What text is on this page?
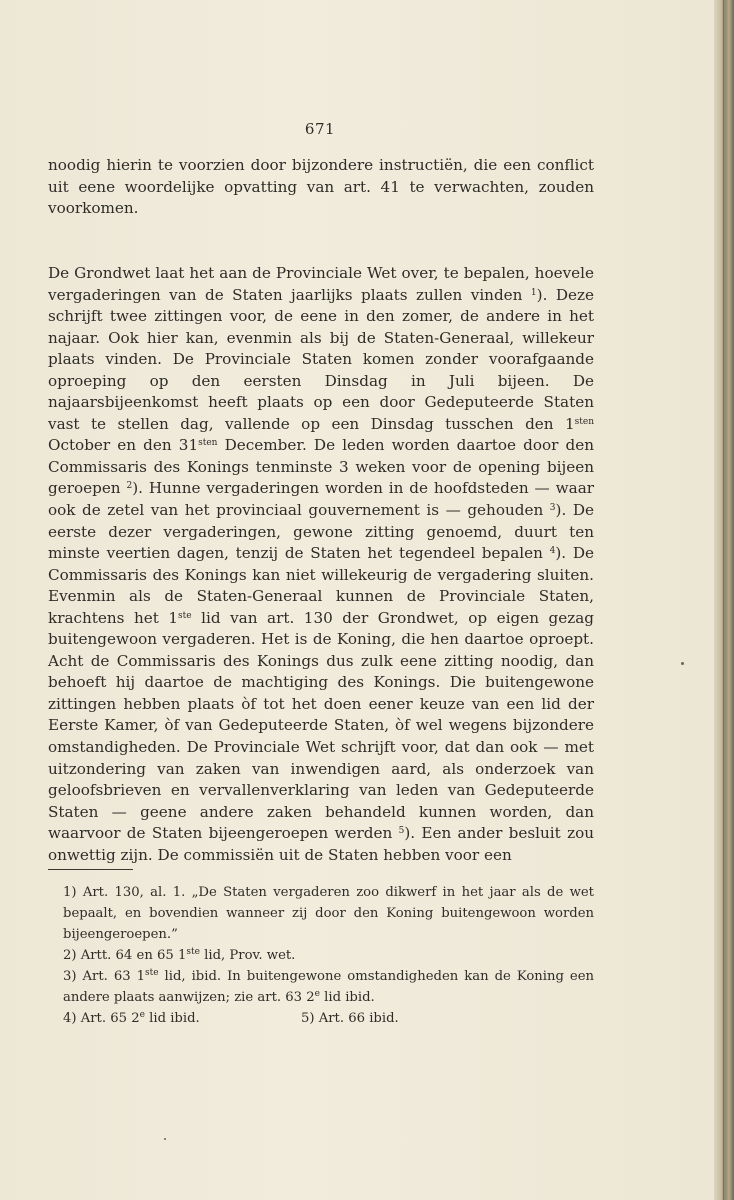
671

noodig hierin te voorzien door bijzondere instructiën, die een conflict uit eene woordelijke opvatting van art. 41 te verwachten, zouden voorkomen.

De Grondwet laat het aan de Provinciale Wet over, te bepalen, hoevele vergaderingen van de Staten jaarlijks plaats zullen vinden $^1$). Deze schrijft twee zittingen voor, de eene in den zomer, de andere in het najaar. Ook hier kan, evenmin als bij de Staten-Generaal, willekeur plaats vinden. De Provinciale Staten komen zonder voorafgaande oproeping op den eersten Dinsdag in Juli bijeen. De najaarsbijeenkomst heeft plaats op een door Gedeputeerde Staten vast te stellen dag, vallende op een Dinsdag tusschen den $1^{sten}$ October en den $31^{sten}$ December. De leden worden daartoe door den Commissaris des Konings tenminste 3 weken voor de opening bijeen geroepen $^2$). Hunne vergaderingen worden in de hoofdsteden — waar ook de zetel van het provinciaal gouvernement is — gehouden $^3$). De eerste dezer vergaderingen, gewone zitting genoemd, duurt ten minste veertien dagen, tenzij de Staten het tegendeel bepalen $^4$). De Commissaris des Konings kan niet willekeurig de vergadering sluiten. Evenmin als de Staten-Generaal kunnen de Provinciale Staten, krachtens het 1ste lid van art. 130 der Grondwet, op eigen gezag buitengewoon vergaderen. Het is de Koning, die hen daartoe oproept. Acht de Commissaris des Konings dus zulk eene zitting noodig, dan behoeft hij daartoe de machtiging des Konings. Die buitengewone zittingen hebben plaats òf tot het doen eener keuze van een lid der Eerste Kamer, òf van Gedeputeerde Staten, òf wel wegens bijzondere omstandigheden. De Provinciale Wet schrijft voor, dat dan ook — met uitzondering van zaken van inwendigen aard, als onderzoek van geloofsbrieven en vervallenverklaring van leden van Gedeputeerde Staten — geene andere zaken behandeld kunnen worden, dan waarvoor de Staten bijeengeroepen werden $^5$). Een ander besluit zou onwettig zijn. De commissiën uit de Staten hebben voor een

1) Art. 130, al. 1. „De Staten vergaderen zoo dikwerf in het jaar als de wet bepaalt, en bovendien wanneer zij door den Koning buitengewoon worden bijeengeroepen.”

2) Artt. 64 en 65 1ste lid, Prov. wet.

3) Art. 63 1ste lid, ibid. In buitengewone omstandigheden kan de Koning een andere plaats aanwijzen; zie art. 63 2e lid ibid.

4) Art. 65 2e lid ibid.	5) Art. 66 ibid.
